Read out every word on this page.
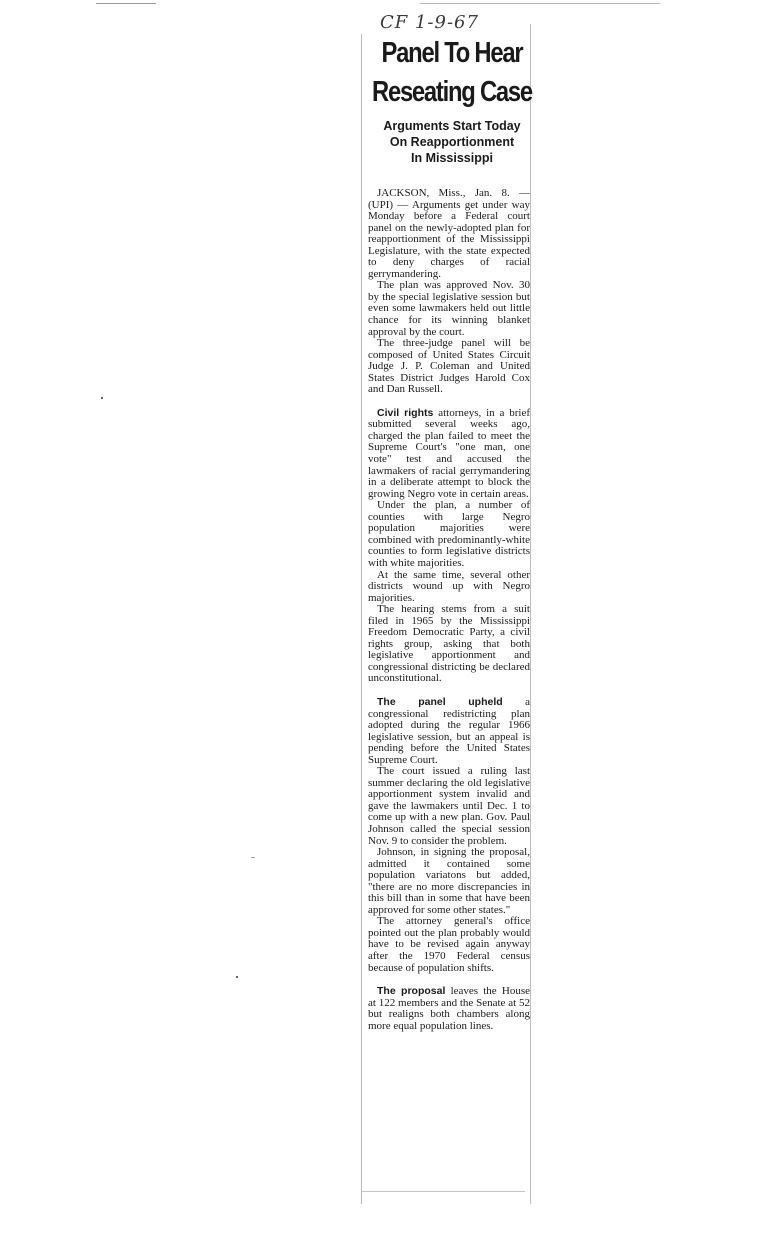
CF 1-9-67
Panel To Hear
Reseating Case
Arguments Start Today
On Reapportionment
In Mississippi

JACKSON, Miss., Jan. 8. — (UPI) — Arguments get under way Monday before a Federal court panel on the newly-adopted plan for reapportionment of the Mississippi Legislature, with the state expected to deny charges of racial gerrymandering.

The plan was approved Nov. 30 by the special legislative session but even some lawmakers held out little chance for its winning blanket approval by the court.

The three-judge panel will be composed of United States Circuit Judge J. P. Coleman and United States District Judges Harold Cox and Dan Russell.

Civil rights attorneys, in a brief submitted several weeks ago, charged the plan failed to meet the Supreme Court's "one man, one vote" test and accused the lawmakers of racial gerrymandering in a deliberate attempt to block the growing Negro vote in certain areas.

Under the plan, a number of counties with large Negro population majorities were combined with predominantly-white counties to form legislative districts with white majorities.

At the same time, several other districts wound up with Negro majorities.

The hearing stems from a suit filed in 1965 by the Mississippi Freedom Democratic Party, a civil rights group, asking that both legislative apportionment and congressional districting be declared unconstitutional.

The panel upheld a congressional redistricting plan adopted during the regular 1966 legislative session, but an appeal is pending before the United States Supreme Court.

The court issued a ruling last summer declaring the old legislative apportionment system invalid and gave the lawmakers until Dec. 1 to come up with a new plan. Gov. Paul Johnson called the special session Nov. 9 to consider the problem.

Johnson, in signing the proposal, admitted it contained some population variatons but added, "there are no more discrepancies in this bill than in some that have been approved for some other states."

The attorney general's office pointed out the plan probably would have to be revised again anyway after the 1970 Federal census because of population shifts.

The proposal leaves the House at 122 members and the Senate at 52 but realigns both chambers along more equal population lines.
